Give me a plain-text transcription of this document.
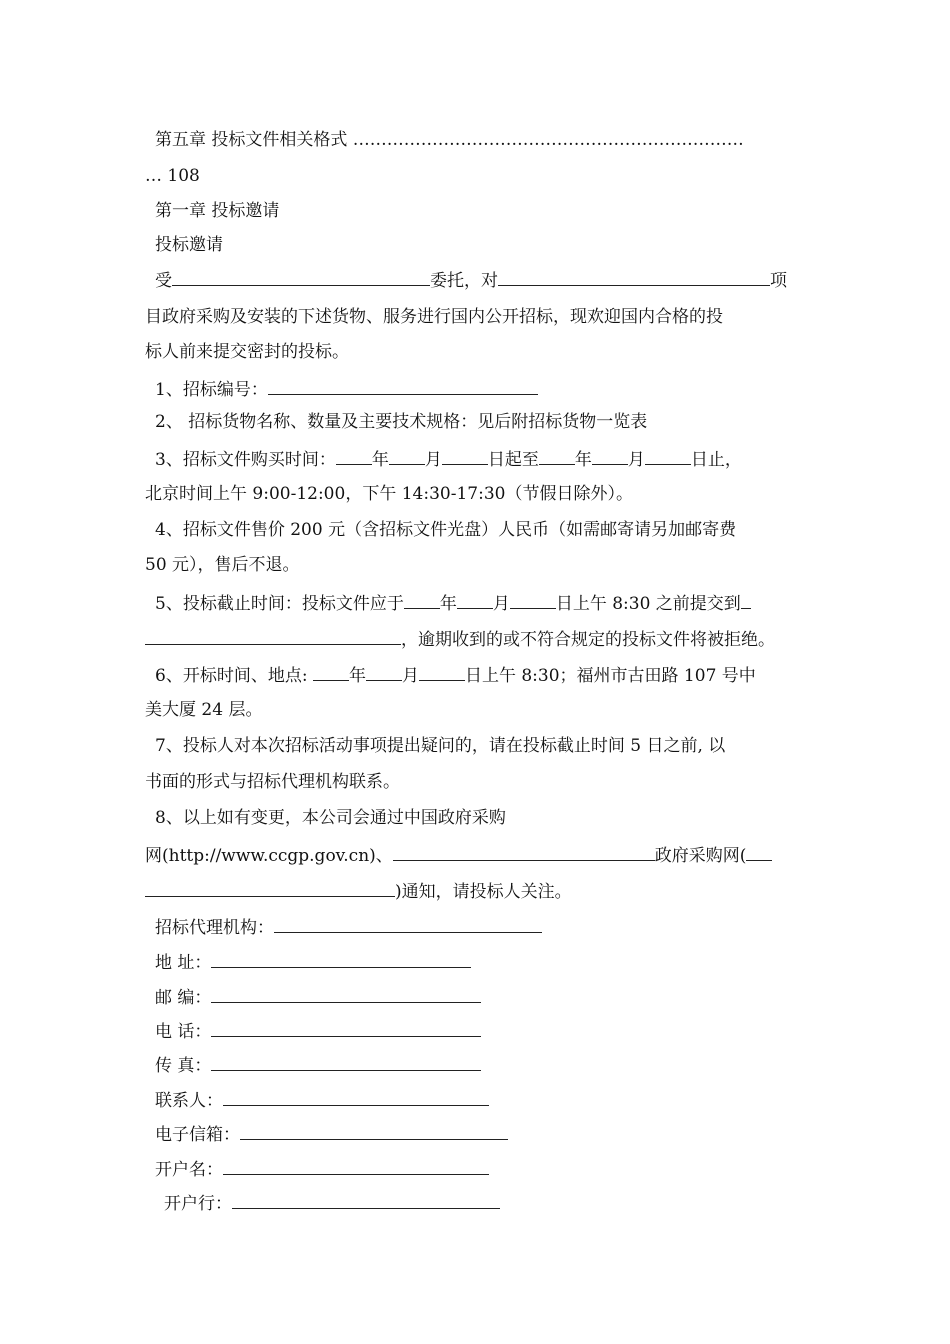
第五章 投标文件相关格式 ……………………………………………………………
… 108
第一章 投标邀请
投标邀请
受	委托，对	项
目政府采购及安装的下述货物、服务进行国内公开招标，现欢迎国内合格的投
标人前来提交密封的投标。
1、招标编号：
2、 招标货物名称、数量及主要技术规格：见后附招标货物一览表
3、招标文件购买时间： 年 月	日起至 年 月	日止，
北京时间上午 9:00-12:00，下午 14:30-17:30（节假日除外）。
4、招标文件售价 200 元（含招标文件光盘）人民币（如需邮寄请另加邮寄费
50 元），售后不退。
5、投标截止时间：投标文件应于 年 月	日上午 8:30 之前提交到
，逾期收到的或不符合规定的投标文件将被拒绝。
6、开标时间、地点: 年 月	日上午 8:30；福州市古田路 107 号中
美大厦 24 层。
7、投标人对本次招标活动事项提出疑问的，请在投标截止时间 5 日之前, 以
书面的形式与招标代理机构联系。
8、以上如有变更，本公司会通过中国政府采购
网(http://www.ccgp.gov.cn)、	政府采购网(
)通知，请投标人关注。
招标代理机构：
地 址：
邮 编：
电 话：
传 真：
联系人：
电子信箱：
开户名：
开户行：
